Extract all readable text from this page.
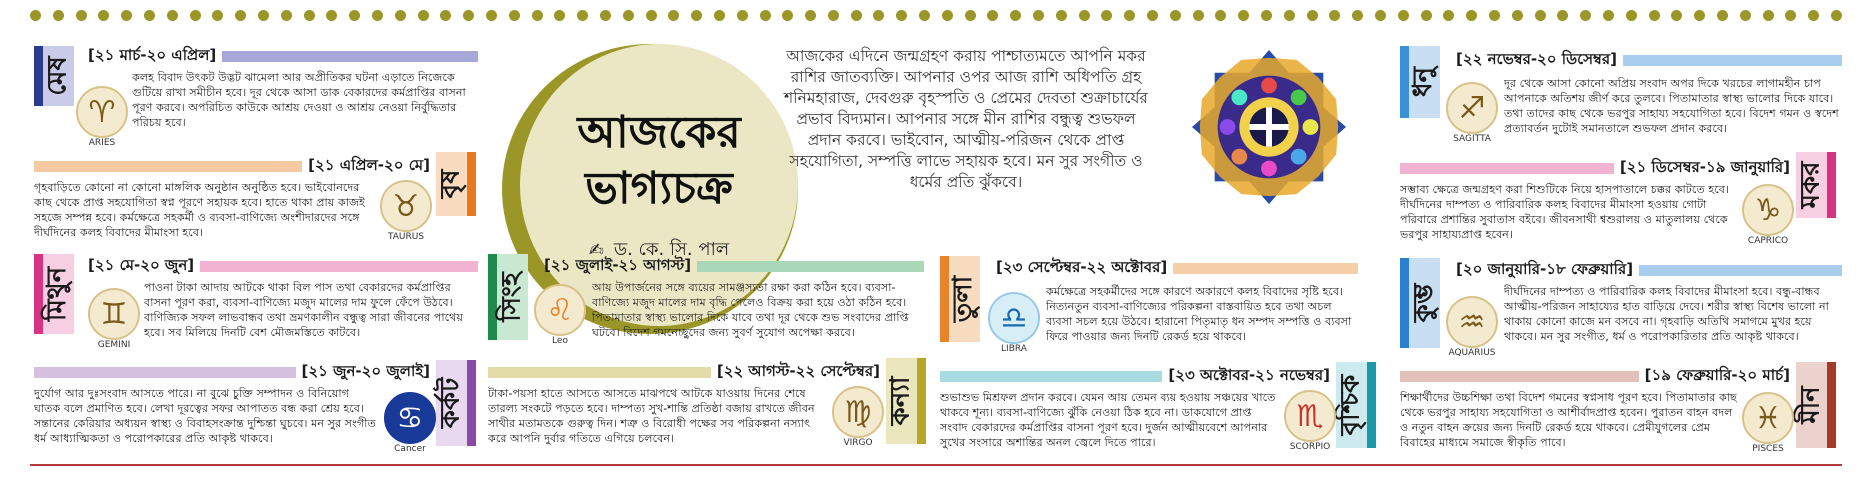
আজকের
ভাগ্যচক্র
✍ ড. কে. সি. পাল
আজকের এদিনে জন্মগ্রহণ করায় পাশ্চাত্যমতে আপনি মকর রাশির জাতব্যক্তি। আপনার ওপর আজ রাশি অধিপতি গ্রহ শনিমহারাজ, দেবগুরু বৃহস্পতি ও প্রেমের দেবতা শুক্রাচার্যের প্রভাব বিদ্যমান। আপনার সঙ্গে মীন রাশির বন্ধুত্ব শুভফল প্রদান করবে। ভাইবোন, আত্মীয়-পরিজন থেকে প্রাপ্ত সহযোগিতা, সম্পত্তি লাভে সহায়ক হবে। মন সুর সংগীত ও ধর্মের প্রতি ঝুঁকবে।
মেষ
[২১ মার্চ-২০ এপ্রিল]
♈
ARIES
কলহ বিবাদ উৎকট উদ্ভট ঝামেলা আর অপ্রীতিকর ঘটনা এড়াতে নিজেকে গুটিয়ে রাখা সমীচীন হবে। দূর থেকে আসা ডাক বেকারদের কর্মপ্রাপ্তির বাসনা পূরণ করবে। অপরিচিত কাউকে আশ্রয় দেওয়া ও আশ্রয় নেওয়া নির্বুদ্ধিতার পরিচয় হবে।
[২১ এপ্রিল-২০ মে]
বৃষ
♉
TAURUS
গৃহবাড়িতে কোনো না কোনো মাঙ্গলিক অনুষ্ঠান অনুষ্ঠিত হবে। ভাইবোনদের কাছ থেকে প্রাপ্ত সহযোগিতা স্বপ্ন পূরণে সহায়ক হবে। হাতে থাকা প্রায় কাজই সহজে সম্পন্ন হবে। কর্মক্ষেত্রে সহকর্মী ও ব্যবসা-বাণিজ্যে অংশীদারদের সঙ্গে দীর্ঘদিনের কলহ বিবাদের মীমাংসা হবে।
মিথুন
[২১ মে-২০ জুন]
♊
GEMINI
পাওনা টাকা আদায় আটকে থাকা বিল পাস তথা বেকারদের কর্মপ্রাপ্তির বাসনা পূরণ করা, ব্যবসা-বাণিজ্যে মজুদ মালের দাম ফুলে ফেঁপে উঠবে। বাণিজ্যিক সফল লাভবান্ধব তথা ভ্রমণকালীন বন্ধুত্ব সারা জীবনের পাথেয় হবে। সব মিলিয়ে দিনটি বেশ মৌজমস্তিতে কাটবে।
[২১ জুন-২০ জুলাই]
কর্কট
♋
Cancer
দুর্যোগ আর দুঃসংবাদ আসতে পারে। না বুঝে চুক্তি সম্পাদন ও বিনিয়োগ ঘাতক বলে প্রমাণিত হবে। লেখা দূরত্বের সফর আপাতত বন্ধ করা শ্রেয় হবে। সন্তানের কেরিয়ার অধ্যয়ন স্বাস্থ্য ও বিবাহসংক্রান্ত দুশ্চিন্তা ঘুচবে। মন সুর সংগীত ধর্ম আধ্যাত্মিকতা ও পরোপকারের প্রতি আকৃষ্ট থাকবে।
সিংহ
[২১ জুলাই-২১ আগস্ট]
♌
Leo
আয় উপার্জনের সঙ্গে ব্যয়ের সামঞ্জস্যতা রক্ষা করা কঠিন হবে। ব্যবসা-বাণিজ্যে মজুদ মালের দাম বৃদ্ধি পেলেও বিক্রয় করা হয়ে ওঠা কঠিন হবে। পিতামাতার স্বাস্থ্য ভালোর দিকে যাবে তথা দূর থেকে শুভ সংবাদের প্রাপ্তি ঘটবে। বিদেশ গমনেচ্ছুদের জন্য সুবর্ণ সুযোগ অপেক্ষা করবে।
[২২ আগস্ট-২২ সেপ্টেম্বর]
কন্যা
♍
VIRGO
টাকা-পয়সা হাতে আসতে আসতে মাঝপথে আটকে যাওয়ায় দিনের শেষে তারল্য সংকটে পড়তে হবে। দাম্পত্য সুখ-শান্তি প্রতিষ্ঠা বজায় রাখতে জীবন সাথীর মতামতকে গুরুত্ব দিন। শত্রু ও বিরোধী পক্ষের সব পরিকল্পনা নস্যাৎ করে আপনি দুর্বার গতিতে এগিয়ে চলবেন।
তুলা
[২৩ সেপ্টেম্বর-২২ অক্টোবর]
♎
LIBRA
কর্মক্ষেত্রে সহকর্মীদের সঙ্গে কারণে অকারণে কলহ বিবাদের সৃষ্টি হবে। নিত্যনতুন ব্যবসা-বাণিজ্যের পরিকল্পনা বাস্তবায়িত হবে তথা অচল ব্যবসা সচল হয়ে উঠবে। হারানো পিতৃমাতৃ ধন সম্পদ সম্পত্তি ও ব্যবসা ফিরে পাওয়ার জন্য দিনটি রেকর্ড হয়ে থাকবে।
[২৩ অক্টোবর-২১ নভেম্বর]
বৃশ্চিক
♏
SCORPIO
শুভাশুভ মিশ্রফল প্রদান করবে। যেমন আয় তেমন ব্যয় হওয়ায় সঞ্চয়ের খাতে থাকবে শূন্য। ব্যবসা-বাণিজ্যে ঝুঁকি নেওয়া ঠিক হবে না। ডাকযোগে প্রাপ্ত সংবাদ বেকারদের কর্মপ্রাপ্তির বাসনা পূরণ হবে। দুর্জন আত্মীয়বেশে আপনার সুখের সংসারে অশান্তির অনল জ্বেলে দিতে পারে।
ধনু
[২২ নভেম্বর-২০ ডিসেম্বর]
♐
SAGITTA
দূর থেকে আসা কোনো অপ্রিয় সংবাদ অপর দিকে খরচের লাগামহীন চাপ আপনাকে অতিশয় জীর্ণ করে তুলবে। পিতামাতার স্বাস্থ্য ভালোর দিকে যাবে। তথা তাদের কাছ থেকে ভরপুর সাহায্য সহযোগিতা হবে। বিদেশ গমন ও স্বদেশ প্রত্যাবর্তন দুটোই সমানতালে শুভফল প্রদান করবে।
[২১ ডিসেম্বর-১৯ জানুয়ারি] মকর
♑
CAPRICO
সম্ভাব্য ক্ষেত্রে জন্মগ্রহণ করা শিশুটিকে নিয়ে হাসপাতালে চক্কর কাটতে হবে। দীর্ঘদিনের দাম্পত্য ও পারিবারিক কলহ বিবাদের মীমাংসা হওয়ায় গোটা পরিবারে প্রশান্তির সুবাতাস বইবে। জীবনসাথী শ্বশুরালয় ও মাতুলালয় থেকে ভরপুর সাহায্যপ্রাপ্ত হবেন।
কুম্ভ
[২০ জানুয়ারি-১৮ ফেব্রুয়ারি]
♒
AQUARIUS
দীর্ঘদিনের দাম্পত্য ও পারিবারিক কলহ বিবাদের মীমাংসা হবে। বন্ধু-বান্ধব আত্মীয়-পরিজন সাহায্যের হাত বাড়িয়ে দেবে। শরীর স্বাস্থ্য বিশেষ ভালো না থাকায় কোনো কাজে মন বসবে না। গৃহবাড়ি অতিথি সমাগমে মুখর হয়ে থাকবে। মন সুর সংগীত, ধর্ম ও পরোপকারিতার প্রতি আকৃষ্ট থাকবে।
[১৯ ফেব্রুয়ারি-২০ মার্চ]
মীন
♓
PISCES
শিক্ষার্থীদের উচ্চশিক্ষা তথা বিদেশ গমনের স্বপ্নসাধ পূরণ হবে। পিতামাতার কাছ থেকে ভরপুর সাহায্য সহযোগিতা ও আশীর্বাদপ্রাপ্ত হবেন। পুরাতন বাহন বদল ও নতুন বাহন ক্রয়ের জন্য দিনটি রেকর্ড হয়ে থাকবে। প্রেমীযুগলের প্রেম বিবাহের মাধ্যমে সমাজে স্বীকৃতি পাবে।
